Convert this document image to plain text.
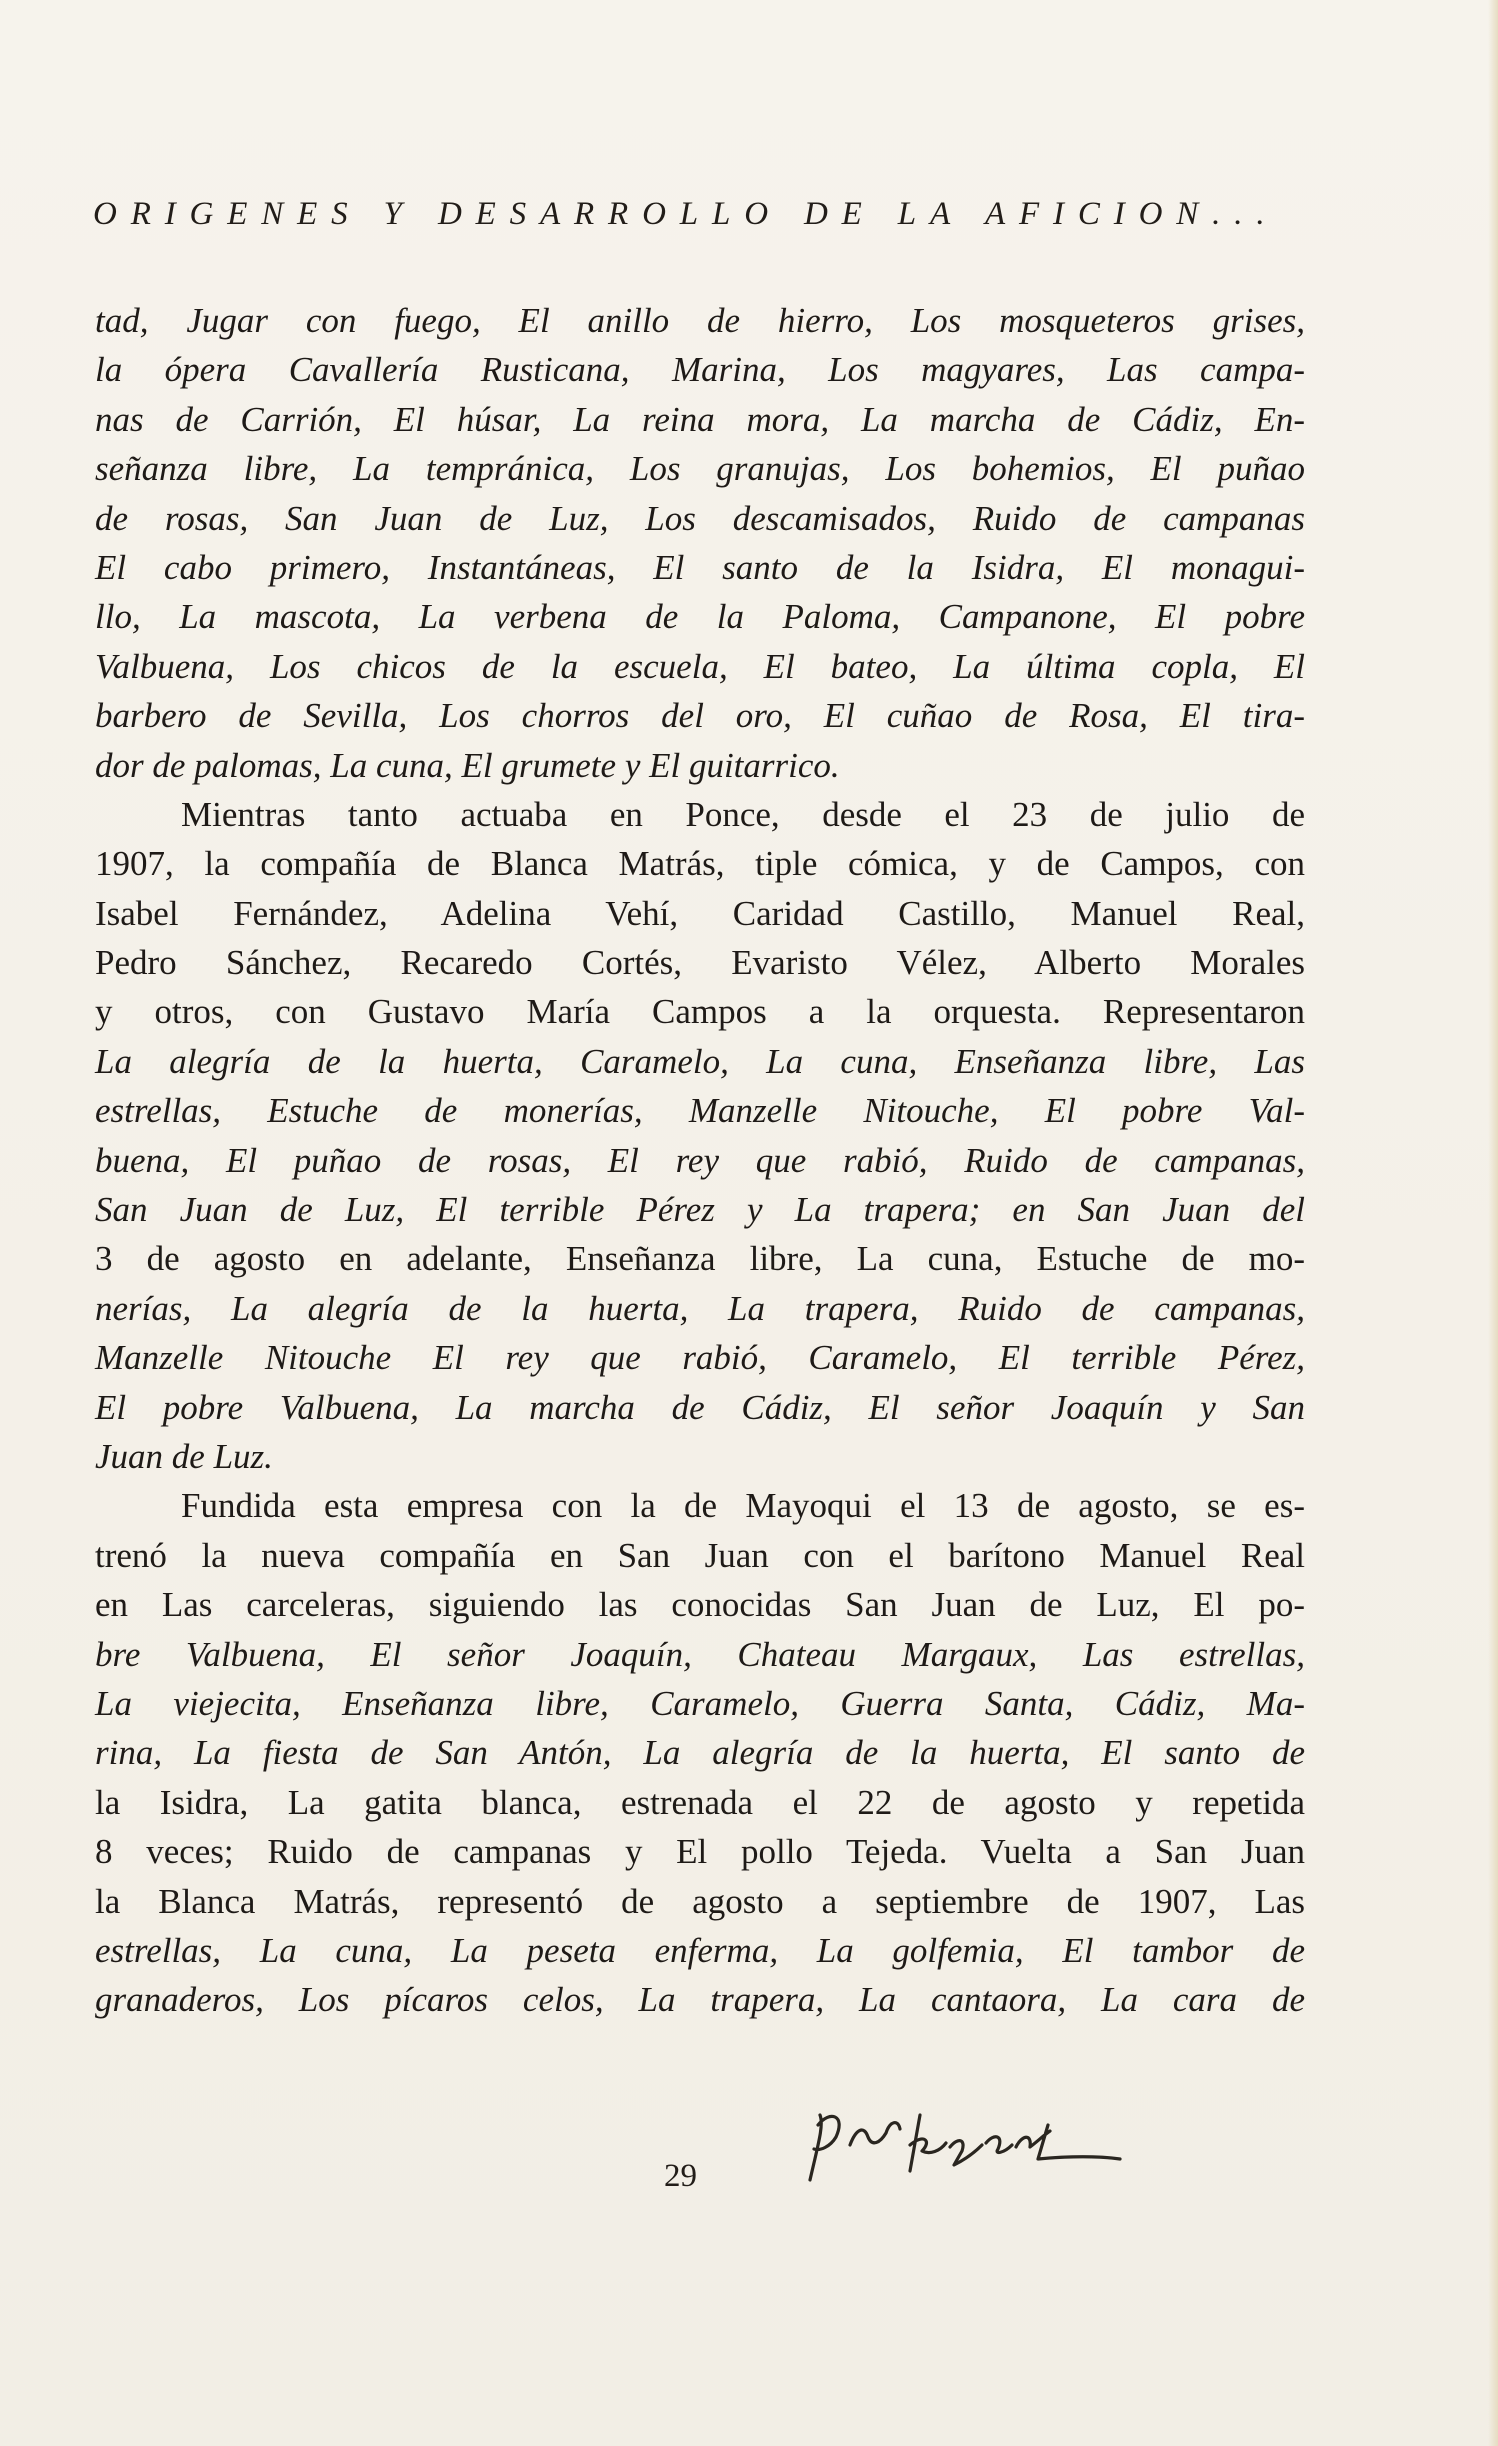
ORIGENES Y DESARROLLO DE LA AFICION...
tad, Jugar con fuego, El anillo de hierro, Los mosqueteros grises,
la ópera Cavallería Rusticana, Marina, Los magyares, Las campa-
nas de Carrión, El húsar, La reina mora, La marcha de Cádiz, En-
señanza libre, La tempránica, Los granujas, Los bohemios, El puñao
de rosas, San Juan de Luz, Los descamisados, Ruido de campanas
El cabo primero, Instantáneas, El santo de la Isidra, El monagui-
llo, La mascota, La verbena de la Paloma, Campanone, El pobre
Valbuena, Los chicos de la escuela, El bateo, La última copla, El
barbero de Sevilla, Los chorros del oro, El cuñao de Rosa, El tira-
dor de palomas, La cuna, El grumete y El guitarrico.
Mientras tanto actuaba en Ponce, desde el 23 de julio de
1907, la compañía de Blanca Matrás, tiple cómica, y de Campos, con
Isabel Fernández, Adelina Vehí, Caridad Castillo, Manuel Real,
Pedro Sánchez, Recaredo Cortés, Evaristo Vélez, Alberto Morales
y otros, con Gustavo María Campos a la orquesta. Representaron
La alegría de la huerta, Caramelo, La cuna, Enseñanza libre, Las
estrellas, Estuche de monerías, Manzelle Nitouche, El pobre Val-
buena, El puñao de rosas, El rey que rabió, Ruido de campanas,
San Juan de Luz, El terrible Pérez y La trapera; en San Juan del
3 de agosto en adelante, Enseñanza libre, La cuna, Estuche de mo-
nerías, La alegría de la huerta, La trapera, Ruido de campanas,
Manzelle Nitouche El rey que rabió, Caramelo, El terrible Pérez,
El pobre Valbuena, La marcha de Cádiz, El señor Joaquín y San
Juan de Luz.
Fundida esta empresa con la de Mayoqui el 13 de agosto, se es-
trenó la nueva compañía en San Juan con el barítono Manuel Real
en Las carceleras, siguiendo las conocidas San Juan de Luz, El po-
bre Valbuena, El señor Joaquín, Chateau Margaux, Las estrellas,
La viejecita, Enseñanza libre, Caramelo, Guerra Santa, Cádiz, Ma-
rina, La fiesta de San Antón, La alegría de la huerta, El santo de
la Isidra, La gatita blanca, estrenada el 22 de agosto y repetida
8 veces; Ruido de campanas y El pollo Tejeda. Vuelta a San Juan
la Blanca Matrás, representó de agosto a septiembre de 1907, Las
estrellas, La cuna, La peseta enferma, La golfemia, El tambor de
granaderos, Los pícaros celos, La trapera, La cantaora, La cara de
29
